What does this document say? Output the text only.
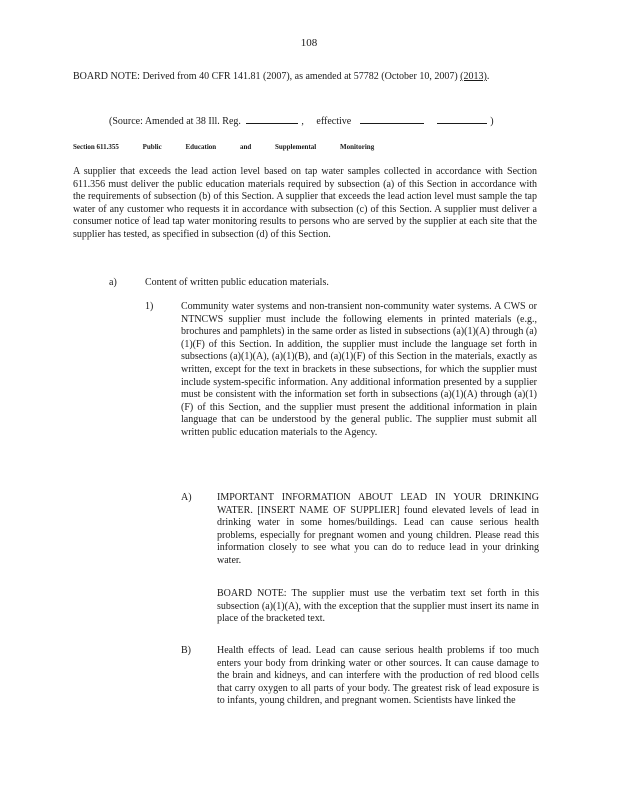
108
BOARD NOTE: Derived from 40 CFR 141.81 (2007), as amended at 57782 (October 10, 2007) (2013).
(Source: Amended at 38 Ill. Reg.	, effective	)
Section 611.355	Public	Education	and	Supplemental	Monitoring
A supplier that exceeds the lead action level based on tap water samples collected in accordance with Section 611.356 must deliver the public education materials required by subsection (a) of this Section in accordance with the requirements of subsection (b) of this Section. A supplier that exceeds the lead action level must sample the tap water of any customer who requests it in accordance with subsection (c) of this Section. A supplier must deliver a consumer notice of lead tap water monitoring results to persons who are served by the supplier at each site that the supplier has tested, as specified in subsection (d) of this Section.
a)	Content of written public education materials.
1)	Community water systems and non-transient non-community water systems. A CWS or NTNCWS supplier must include the following elements in printed materials (e.g., brochures and pamphlets) in the same order as listed in subsections (a)(1)(A) through (a)(1)(F) of this Section. In addition, the supplier must include the language set forth in subsections (a)(1)(A), (a)(1)(B), and (a)(1)(F) of this Section in the materials, exactly as written, except for the text in brackets in these subsections, for which the supplier must include system-specific information. Any additional information presented by a supplier must be consistent with the information set forth in subsections (a)(1)(A) through (a)(1)(F) of this Section, and the supplier must present the additional information in plain language that can be understood by the general public. The supplier must submit all written public education materials to the Agency.
A)	IMPORTANT INFORMATION ABOUT LEAD IN YOUR DRINKING WATER. [INSERT NAME OF SUPPLIER] found elevated levels of lead in drinking water in some homes/buildings. Lead can cause serious health problems, especially for pregnant women and young children. Please read this information closely to see what you can do to reduce lead in your drinking water.
BOARD NOTE: The supplier must use the verbatim text set forth in this subsection (a)(1)(A), with the exception that the supplier must insert its name in place of the bracketed text.
B)	Health effects of lead. Lead can cause serious health problems if too much enters your body from drinking water or other sources. It can cause damage to the brain and kidneys, and can interfere with the production of red blood cells that carry oxygen to all parts of your body. The greatest risk of lead exposure is to infants, young children, and pregnant women. Scientists have linked the
